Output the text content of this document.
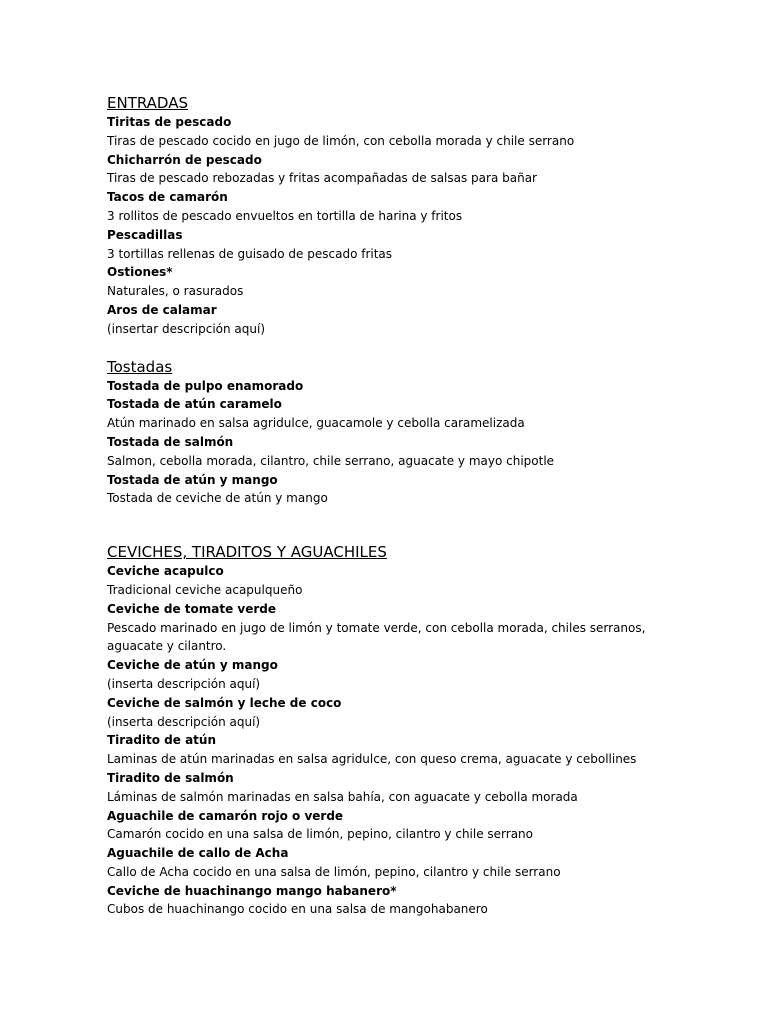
ENTRADAS

Tiritas de pescado

Tiras de pescado cocido en jugo de limón, con cebolla morada y chile serrano

Chicharrón de pescado

Tiras de pescado rebozadas y fritas acompañadas de salsas para bañar

Tacos de camarón

3 rollitos de pescado envueltos en tortilla de harina y fritos

Pescadillas

3 tortillas rellenas de guisado de pescado fritas

Ostiones*

Naturales, o rasurados

Aros de calamar

(insertar descripción aquí)

Tostadas

Tostada de pulpo enamorado

Tostada de atún caramelo

Atún marinado en salsa agridulce, guacamole y cebolla caramelizada

Tostada de salmón

Salmon, cebolla morada, cilantro, chile serrano, aguacate y mayo chipotle

Tostada de atún y mango

Tostada de ceviche de atún y mango

CEVICHES, TIRADITOS Y AGUACHILES

Ceviche acapulco

Tradicional ceviche acapulqueño

Ceviche de tomate verde

Pescado marinado en jugo de limón y tomate verde, con cebolla morada, chiles serranos, aguacate y cilantro.

Ceviche de atún y mango

(inserta descripción aquí)

Ceviche de salmón y leche de coco

(inserta descripción aquí)

Tiradito de atún

Laminas de atún marinadas en salsa agridulce, con queso crema, aguacate y cebollines

Tiradito de salmón

Láminas de salmón marinadas en salsa bahía, con aguacate y cebolla morada

Aguachile de camarón rojo o verde

Camarón cocido en una salsa de limón, pepino, cilantro y chile serrano

Aguachile de callo de Acha

Callo de Acha cocido en una salsa de limón, pepino, cilantro y chile serrano

Ceviche de huachinango mango habanero*

Cubos de huachinango cocido en una salsa de mangohabanero
